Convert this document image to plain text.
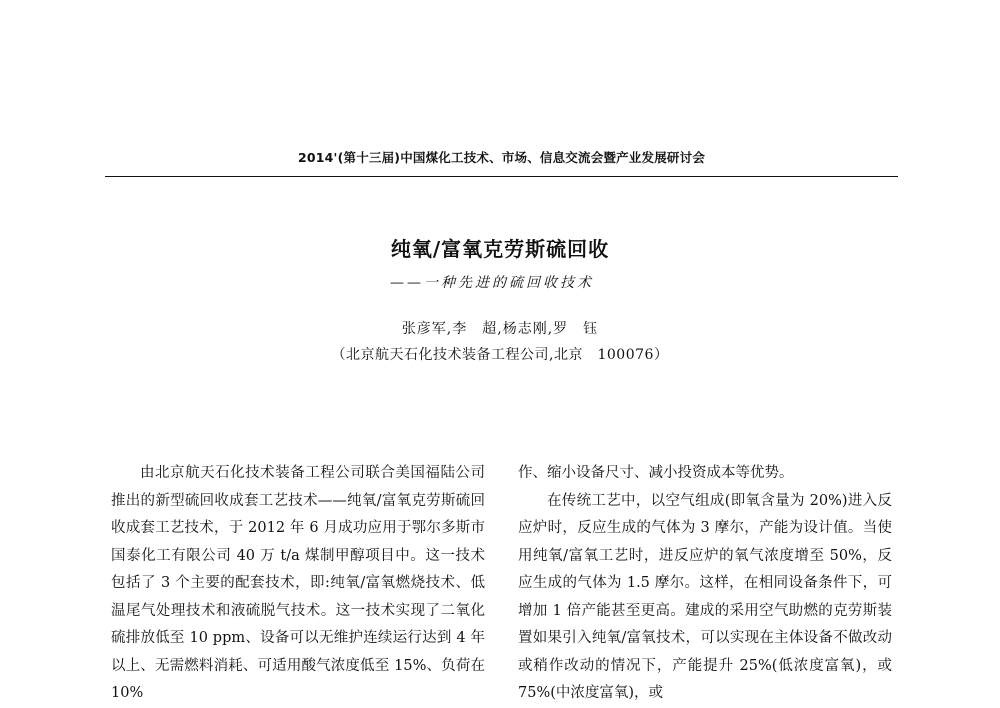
2014'(第十三届)中国煤化工技术、市场、信息交流会暨产业发展研讨会
纯氧/富氧克劳斯硫回收
——一种先进的硫回收技术
张彦军,李　超,杨志刚,罗　钰
（北京航天石化技术装备工程公司,北京　100076）

由北京航天石化技术装备工程公司联合美国福陆公司推出的新型硫回收成套工艺技术——纯氧/富氧克劳斯硫回收成套工艺技术，于 2012 年 6 月成功应用于鄂尔多斯市国泰化工有限公司 40 万 t/a 煤制甲醇项目中。这一技术包括了 3 个主要的配套技术，即:纯氧/富氧燃烧技术、低温尾气处理技术和液硫脱气技术。这一技术实现了二氧化硫排放低至 10 ppm、设备可以无维护连续运行达到 4 年以上、无需燃料消耗、可适用酸气浓度低至 15%、负荷在 10%

作、缩小设备尺寸、减小投资成本等优势。

在传统工艺中，以空气组成(即氧含量为 20%)进入反应炉时，反应生成的气体为 3 摩尔，产能为设计值。当使用纯氧/富氧工艺时，进反应炉的氧气浓度增至 50%，反应生成的气体为 1.5 摩尔。这样，在相同设备条件下，可增加 1 倍产能甚至更高。建成的采用空气助燃的克劳斯装置如果引入纯氧/富氧技术，可以实现在主体设备不做改动或稍作改动的情况下，产能提升 25%(低浓度富氧)，或 75%(中浓度富氧)，或
